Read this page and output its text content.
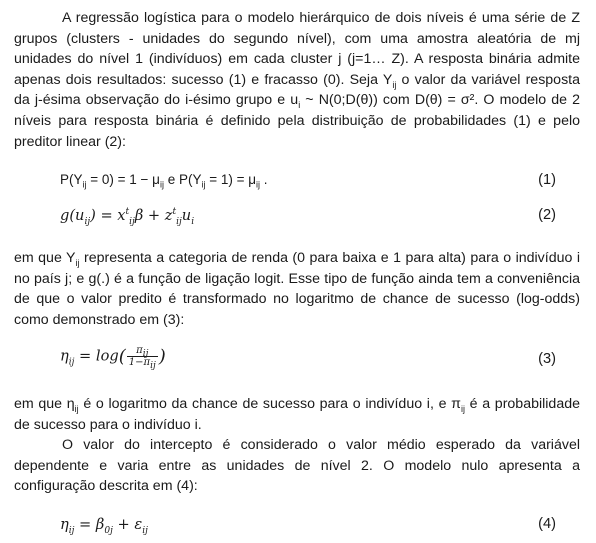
A regressão logística para o modelo hierárquico de dois níveis é uma série de Z grupos (clusters - unidades do segundo nível), com uma amostra aleatória de mj unidades do nível 1 (indivíduos) em cada cluster j (j=1… Z). A resposta binária admite apenas dois resultados: sucesso (1) e fracasso (0). Seja $Y_{ij}$ o valor da variável resposta da j-ésima observação do i-ésimo grupo e $u_i$ ~ N(0;D(θ)) com D(θ) = σ². O modelo de 2 níveis para resposta binária é definido pela distribuição de probabilidades (1) e pelo preditor linear (2):

$P(Y_{ij} = 0) = 1 - \mu_{ij}$ e $P(Y_{ij} = 1) = \mu_{ij}$ .	(1)
$g(u_{ij}) = x^t_{ij}\beta + z^t_{ij}u_i$	(2)

em que $Y_{ij}$ representa a categoria de renda (0 para baixa e 1 para alta) para o indivíduo i no país j; e g(.) é a função de ligação logit. Esse tipo de função ainda tem a conveniência de que o valor predito é transformado no logaritmo de chance de sucesso (log-odds) como demonstrado em (3):

$\eta_{ij} = \log( \frac{\pi_{ij}}{1-\pi_{ij}}$ )	(3)

em que $\eta_{ij}$ é o logaritmo da chance de sucesso para o indivíduo i, e $\pi_{ij}$ é a probabilidade de sucesso para o indivíduo i.

O valor do intercepto é considerado o valor médio esperado da variável dependente e varia entre as unidades de nível 2. O modelo nulo apresenta a configuração descrita em (4):

$\eta_{ij} = \beta_{0j} + \varepsilon_{ij}$	(4)
